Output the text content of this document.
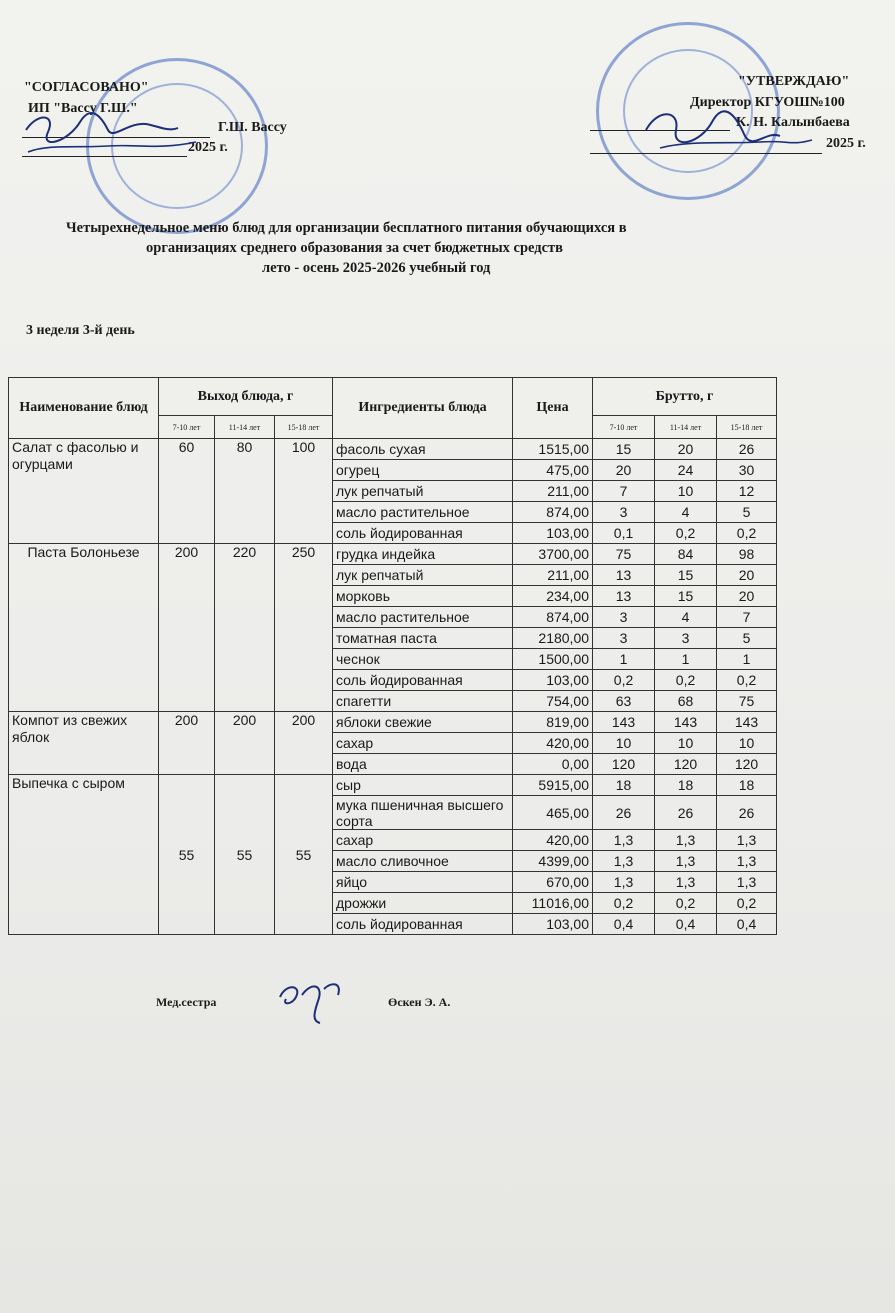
"СОГЛАСОВАНО"
ИП "Вассу Г.Ш."
Г.Ш. Вассу
2025 г.
"УТВЕРЖДАЮ"
Директор КГУОШ№100
К. Н. Калынбаева
2025 г.
Четырехнедельное меню блюд для организации бесплатного питания обучающихся в
организациях среднего образования за счет бюджетных средств
лето - осень 2025-2026 учебный год
3 неделя 3-й день
Наименование блюд	Выход блюда, г			Ингредиенты блюда	Цена	Брутто, г		
	7-10 лет	11-14 лет	15-18 лет			7-10 лет	11-14 лет	15-18 лет
Салат с фасолью и огурцами	60	80	100	фасоль сухая	1515,00	15	20	26
				огурец	475,00	20	24	30
				лук репчатый	211,00	7	10	12
				масло растительное	874,00	3	4	5
				соль йодированная	103,00	0,1	0,2	0,2
Паста Болоньезе	200	220	250	грудка индейка	3700,00	75	84	98
				лук репчатый	211,00	13	15	20
				морковь	234,00	13	15	20
				масло растительное	874,00	3	4	7
				томатная паста	2180,00	3	3	5
				чеснок	1500,00	1	1	1
				соль йодированная	103,00	0,2	0,2	0,2
				спагетти	754,00	63	68	75
Компот из свежих яблок	200	200	200	яблоки свежие	819,00	143	143	143
				сахар	420,00	10	10	10
				вода	0,00	120	120	120
Выпечка с сыром	55	55	55	сыр	5915,00	18	18	18
				мука пшеничная высшего сорта	465,00	26	26	26
				сахар	420,00	1,3	1,3	1,3
				масло сливочное	4399,00	1,3	1,3	1,3
				яйцо	670,00	1,3	1,3	1,3
				дрожжи	11016,00	0,2	0,2	0,2
				соль йодированная	103,00	0,4	0,4	0,4
Мед.сестра	Өскен Э. А.
